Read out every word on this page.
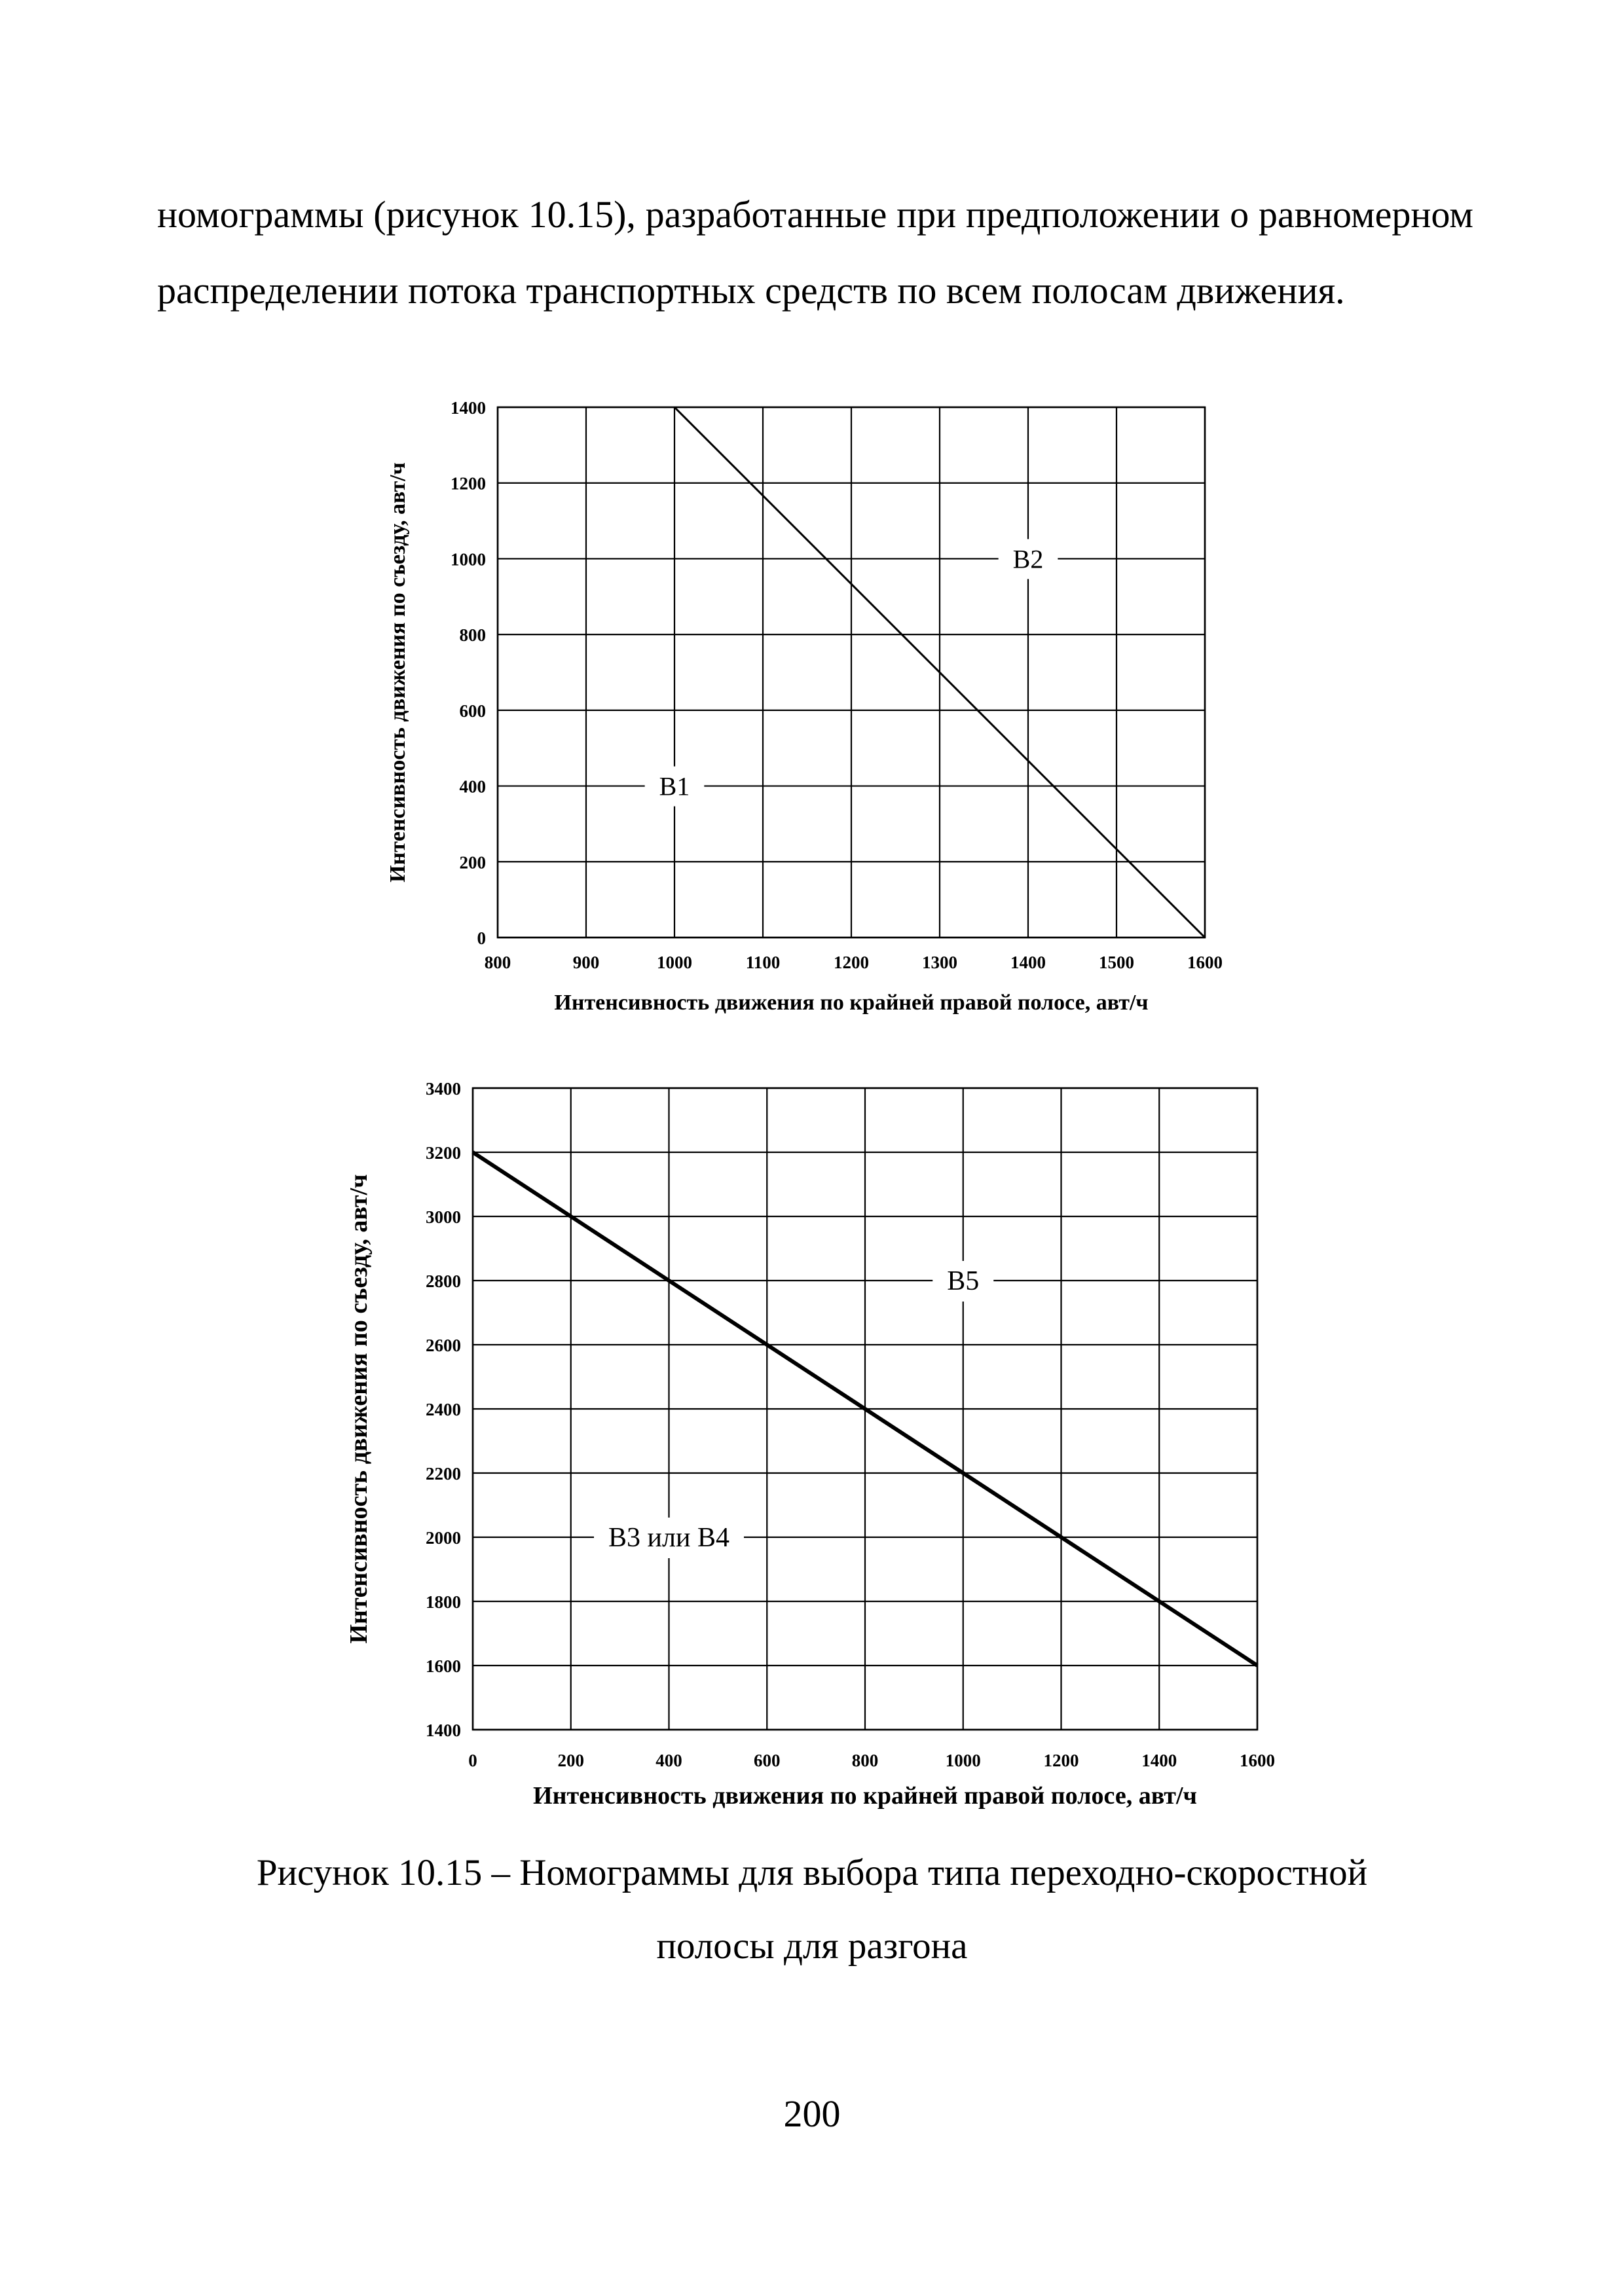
номограммы (рисунок 10.15), разработанные при предположении о равномерном распределении потока транспортных средств по всем полосам движения.
800	900	1000	1100	1200	1300	1400	1500	1600
0
200
400
600
800
1000
1200
1400
Интенсивность движения по крайней правой полосе, авт/ч
Интенсивность движения по съезду, авт/ч	В1
В2
0	200	400	600	800	1000	1200	1400	1600
1400
1600
1800
2000
2200
2400
2600
2800
3000
3200
3400
Интенсивность движения по крайней правой полосе, авт/ч
Интенсивность движения по съезду, авт/ч	В3 или В4
В5
Рисунок 10.15 – Номограммы для выбора типа переходно-скоростной
полосы для разгона
200
